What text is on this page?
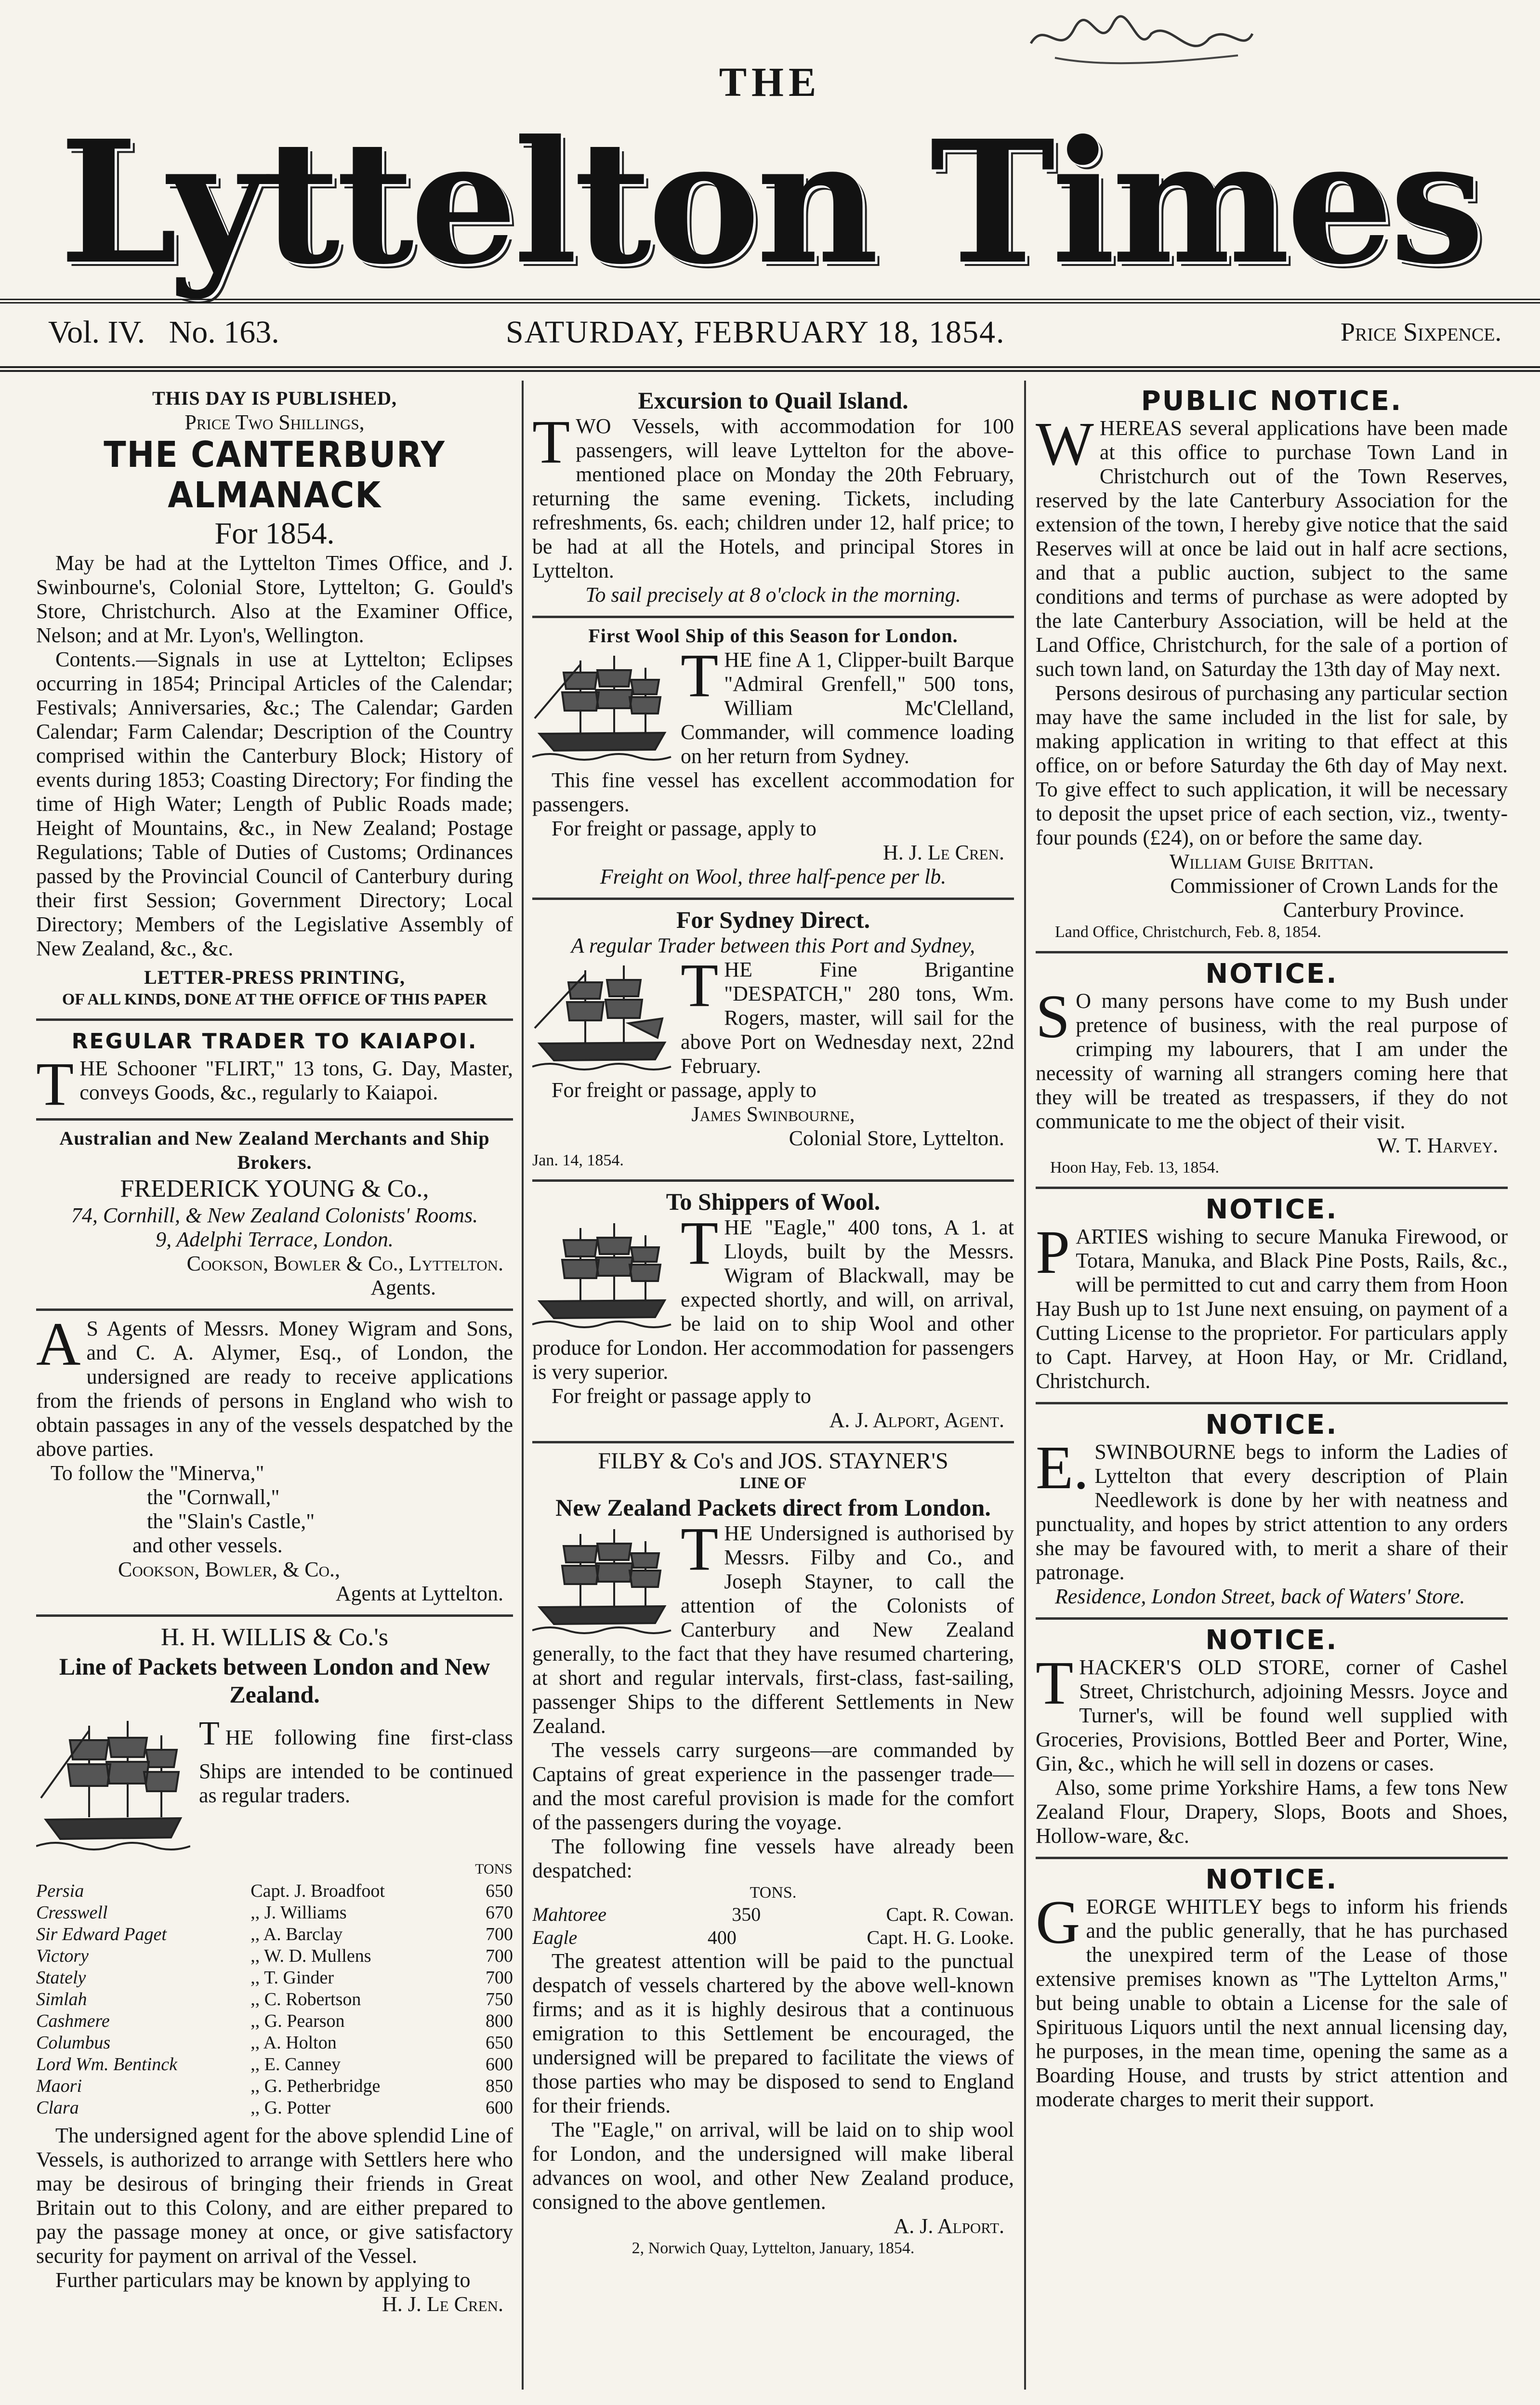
THE
Lyttelton Times
Vol. IV. No. 163.	SATURDAY, FEBRUARY 18, 1854.	Price Sixpence.

THIS DAY IS PUBLISHED,

Price Two Shillings,

THE CANTERBURY ALMANACK

For 1854.

May be had at the Lyttelton Times Office, and J. Swinbourne's, Colonial Store, Lyttelton; G. Gould's Store, Christchurch. Also at the Examiner Office, Nelson; and at Mr. Lyon's, Wellington.

Contents.—Signals in use at Lyttelton; Eclipses occurring in 1854; Principal Articles of the Calendar; Festivals; Anniversaries, &c.; The Calendar; Garden Calendar; Farm Calendar; Description of the Country comprised within the Canterbury Block; History of events during 1853; Coasting Directory; For finding the time of High Water; Length of Public Roads made; Height of Mountains, &c., in New Zealand; Postage Regulations; Table of Duties of Customs; Ordinances passed by the Provincial Council of Canterbury during their first Session; Government Directory; Local Directory; Members of the Legislative Assembly of New Zealand, &c., &c.

LETTER-PRESS PRINTING,

OF ALL KINDS, DONE AT THE OFFICE OF THIS PAPER

REGULAR TRADER TO KAIAPOI.

THE Schooner "FLIRT," 13 tons, G. Day, Master, conveys Goods, &c., regularly to Kaiapoi.

Australian and New Zealand Merchants and Ship Brokers.

FREDERICK YOUNG & Co.,

74, Cornhill, & New Zealand Colonists' Rooms.

9, Adelphi Terrace, London.

Cookson, Bowler & Co., Lyttelton.

Agents.

A S Agents of Messrs. Money Wigram and Sons, and C. A. Alymer, Esq., of London, the undersigned are ready to receive applications from the friends of persons in England who wish to obtain passages in any of the vessels despatched by the above parties.

To follow the "Minerva,"

the "Cornwall,"

the "Slain's Castle,"

and other vessels.

Cookson, Bowler, & Co.,

Agents at Lyttelton.

H. H. WILLIS & Co.'s

Line of Packets between London and New Zealand.

THE following fine first-class Ships are intended to be continued as regular traders.

		TONS
Persia	Capt. J. Broadfoot	650
Cresswell	,, J. Williams	670
Sir Edward Paget	,, A. Barclay	700
Victory	,, W. D. Mullens	700
Stately	,, T. Ginder	700
Simlah	,, C. Robertson	750
Cashmere	,, G. Pearson	800
Columbus	,, A. Holton	650
Lord Wm. Bentinck	,, E. Canney	600
Maori	,, G. Petherbridge	850
Clara	,, G. Potter	600

The undersigned agent for the above splendid Line of Vessels, is authorized to arrange with Settlers here who may be desirous of bringing their friends in Great Britain out to this Colony, and are either prepared to pay the passage money at once, or give satisfactory security for payment on arrival of the Vessel.

Further particulars may be known by applying to

H. J. Le Cren.

Excursion to Quail Island.

TWO Vessels, with accommodation for 100 passengers, will leave Lyttelton for the above-mentioned place on Monday the 20th February, returning the same evening. Tickets, including refreshments, 6s. each; children under 12, half price; to be had at all the Hotels, and principal Stores in Lyttelton.

To sail precisely at 8 o'clock in the morning.

First Wool Ship of this Season for London.

THE fine A 1, Clipper-built Barque "Admiral Grenfell," 500 tons, William Mc'Clelland, Commander, will commence loading on her return from Sydney.

This fine vessel has excellent accommodation for passengers.

For freight or passage, apply to

H. J. Le Cren.

Freight on Wool, three half-pence per lb.

For Sydney Direct.

A regular Trader between this Port and Sydney,

THE Fine Brigantine "DESPATCH," 280 tons, Wm. Rogers, master, will sail for the above Port on Wednesday next, 22nd February.

For freight or passage, apply to

James Swinbourne,

Colonial Store, Lyttelton.

Jan. 14, 1854.

To Shippers of Wool.

THE "Eagle," 400 tons, A 1. at Lloyds, built by the Messrs. Wigram of Blackwall, may be expected shortly, and will, on arrival, be laid on to ship Wool and other produce for London. Her accommodation for passengers is very superior.

For freight or passage apply to

A. J. Alport, Agent.

FILBY & Co's and JOS. STAYNER'S

LINE OF

New Zealand Packets direct from London.

THE Undersigned is authorised by Messrs. Filby and Co., and Joseph Stayner, to call the attention of the Colonists of Canterbury and New Zealand generally, to the fact that they have resumed chartering, at short and regular intervals, first-class, fast-sailing, passenger Ships to the different Settlements in New Zealand.

The vessels carry surgeons—are commanded by Captains of great experience in the passenger trade—and the most careful provision is made for the comfort of the passengers during the voyage.

The following fine vessels have already been despatched:

TONS.

Mahtoree	350	Capt. R. Cowan.
Eagle	400	Capt. H. G. Looke.

The greatest attention will be paid to the punctual despatch of vessels chartered by the above well-known firms; and as it is highly desirous that a continuous emigration to this Settlement be encouraged, the undersigned will be prepared to facilitate the views of those parties who may be disposed to send to England for their friends.

The "Eagle," on arrival, will be laid on to ship wool for London, and the undersigned will make liberal advances on wool, and other New Zealand produce, consigned to the above gentlemen.

A. J. Alport.

2, Norwich Quay, Lyttelton, January, 1854.

PUBLIC NOTICE.

WHEREAS several applications have been made at this office to purchase Town Land in Christchurch out of the Town Reserves, reserved by the late Canterbury Association for the extension of the town, I hereby give notice that the said Reserves will at once be laid out in half acre sections, and that a public auction, subject to the same conditions and terms of purchase as were adopted by the late Canterbury Association, will be held at the Land Office, Christchurch, for the sale of a portion of such town land, on Saturday the 13th day of May next.

Persons desirous of purchasing any particular section may have the same included in the list for sale, by making application in writing to that effect at this office, on or before Saturday the 6th day of May next. To give effect to such application, it will be necessary to deposit the upset price of each section, viz., twenty-four pounds (£24), on or before the same day.

William Guise Brittan.

Commissioner of Crown Lands for the

Canterbury Province.

Land Office, Christchurch, Feb. 8, 1854.

NOTICE.

S O many persons have come to my Bush under pretence of business, with the real purpose of crimping my labourers, that I am under the necessity of warning all strangers coming here that they will be treated as trespassers, if they do not communicate to me the object of their visit.

W. T. Harvey.

Hoon Hay, Feb. 13, 1854.

NOTICE.

PARTIES wishing to secure Manuka Firewood, or Totara, Manuka, and Black Pine Posts, Rails, &c., will be permitted to cut and carry them from Hoon Hay Bush up to 1st June next ensuing, on payment of a Cutting License to the proprietor. For particulars apply to Capt. Harvey, at Hoon Hay, or Mr. Cridland, Christchurch.

NOTICE.

E. SWINBOURNE begs to inform the Ladies of Lyttelton that every description of Plain Needlework is done by her with neatness and punctuality, and hopes by strict attention to any orders she may be favoured with, to merit a share of their patronage.

Residence, London Street, back of Waters' Store.

NOTICE.

THACKER'S OLD STORE, corner of Cashel Street, Christchurch, adjoining Messrs. Joyce and Turner's, will be found well supplied with Groceries, Provisions, Bottled Beer and Porter, Wine, Gin, &c., which he will sell in dozens or cases.

Also, some prime Yorkshire Hams, a few tons New Zealand Flour, Drapery, Slops, Boots and Shoes, Hollow-ware, &c.

NOTICE.

GEORGE WHITLEY begs to inform his friends and the public generally, that he has purchased the unexpired term of the Lease of those extensive premises known as "The Lyttelton Arms," but being unable to obtain a License for the sale of Spirituous Liquors until the next annual licensing day, he purposes, in the mean time, opening the same as a Boarding House, and trusts by strict attention and moderate charges to merit their support.
